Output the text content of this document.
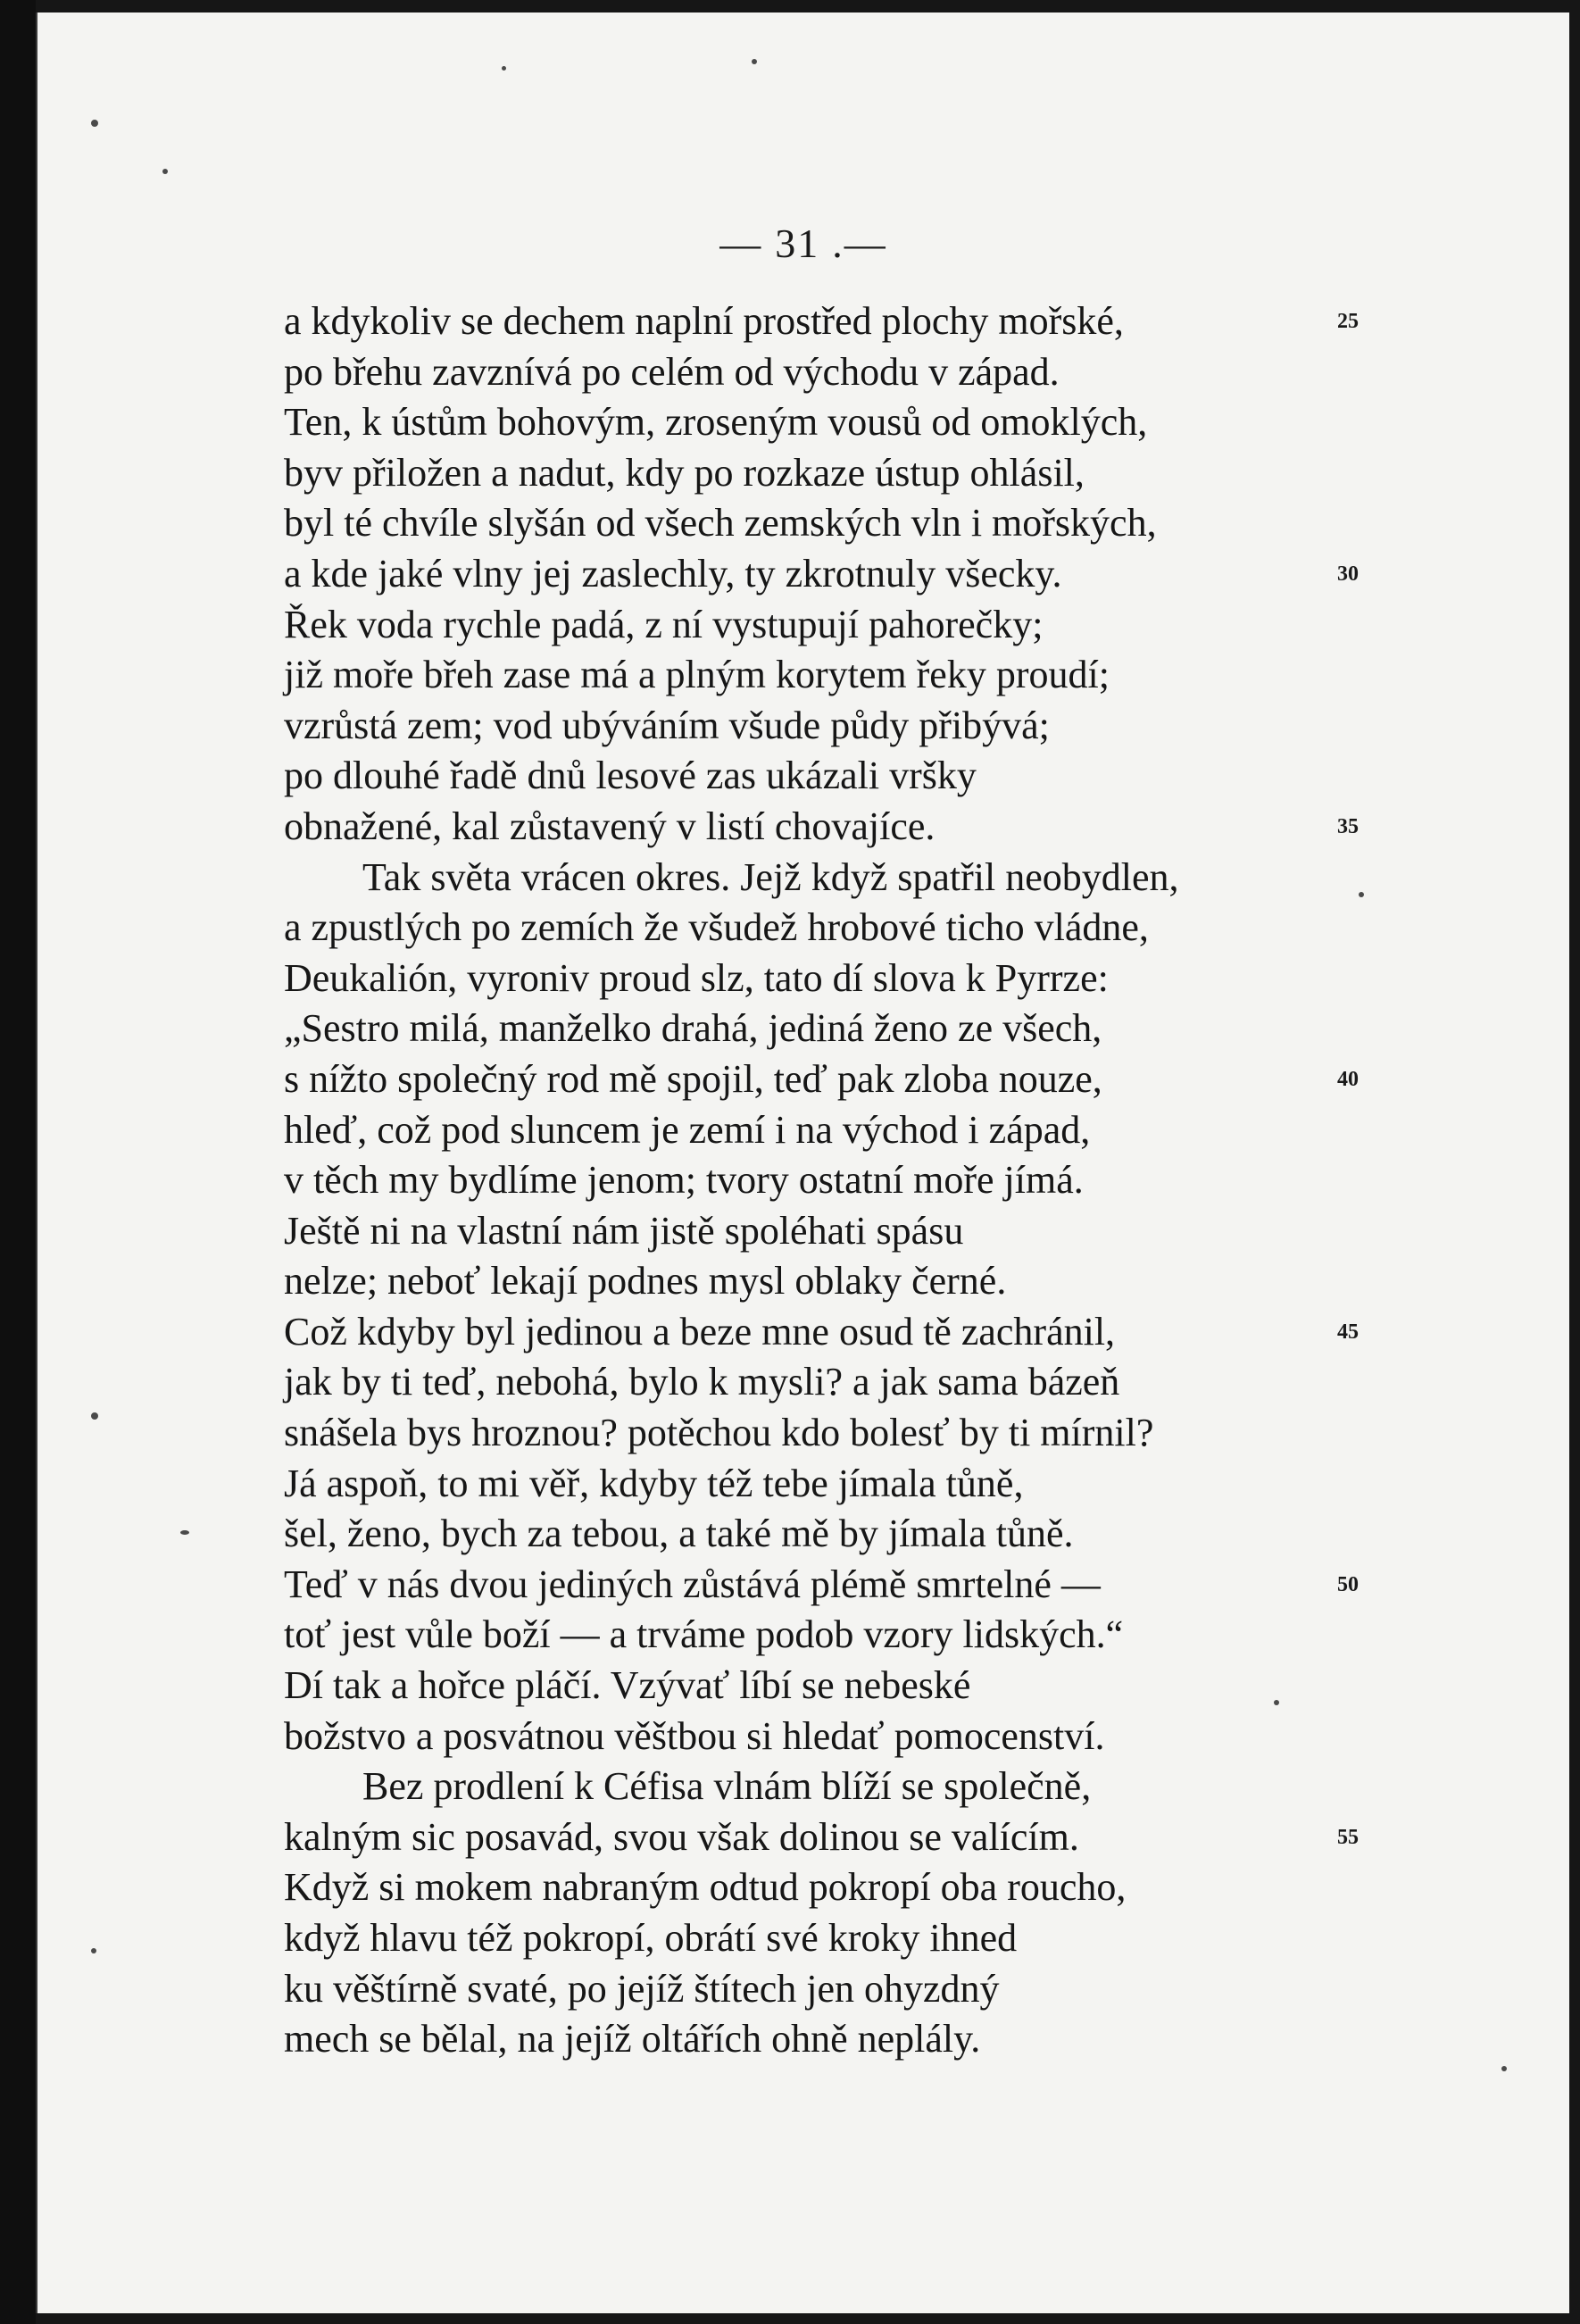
— 31 .—
a kdykoliv se dechem naplní prostřed plochy mořské,	25
po břehu zavznívá po celém od východu v západ.
Ten, k ústům bohovým, zroseným vousů od omoklých,
byv přiložen a nadut, kdy po rozkaze ústup ohlásil,
byl té chvíle slyšán od všech zemských vln i mořských,
a kde jaké vlny jej zaslechly, ty zkrotnuly všecky.	30
Řek voda rychle padá, z ní vystupují pahorečky;
již moře břeh zase má a plným korytem řeky proudí;
vzrůstá zem; vod ubýváním všude půdy přibývá;
po dlouhé řadě dnů lesové zas ukázali vršky
obnažené, kal zůstavený v listí chovajíce.	35
Tak světa vrácen okres. Jejž když spatřil neobydlen,
a zpustlých po zemích že všudež hrobové ticho vládne,
Deukalión, vyroniv proud slz, tato dí slova k Pyrrze:
„Sestro milá, manželko drahá, jediná ženo ze všech,
s nížto společný rod mě spojil, teď pak zloba nouze,	40
hleď, což pod sluncem je zemí i na východ i západ,
v těch my bydlíme jenom; tvory ostatní moře jímá.
Ještě ni na vlastní nám jistě spoléhati spásu
nelze; neboť lekají podnes mysl oblaky černé.
Což kdyby byl jedinou a beze mne osud tě zachránil,	45
jak by ti teď, nebohá, bylo k mysli? a jak sama bázeň
snášela bys hroznou? potěchou kdo bolesť by ti mírnil?
Já aspoň, to mi věř, kdyby též tebe jímala tůně,
šel, ženo, bych za tebou, a také mě by jímala tůně.
Teď v nás dvou jediných zůstává plémě smrtelné —	50
toť jest vůle boží — a trváme podob vzory lidských.“
Dí tak a hořce pláčí. Vzývať líbí se nebeské
božstvo a posvátnou věštbou si hledať pomocenství.
Bez prodlení k Céfisa vlnám blíží se společně,
kalným sic posavád, svou však dolinou se valícím.	55
Když si mokem nabraným odtud pokropí oba roucho,
když hlavu též pokropí, obrátí své kroky ihned
ku věštírně svaté, po jejíž štítech jen ohyzdný
mech se bělal, na jejíž oltářích ohně neplály.
